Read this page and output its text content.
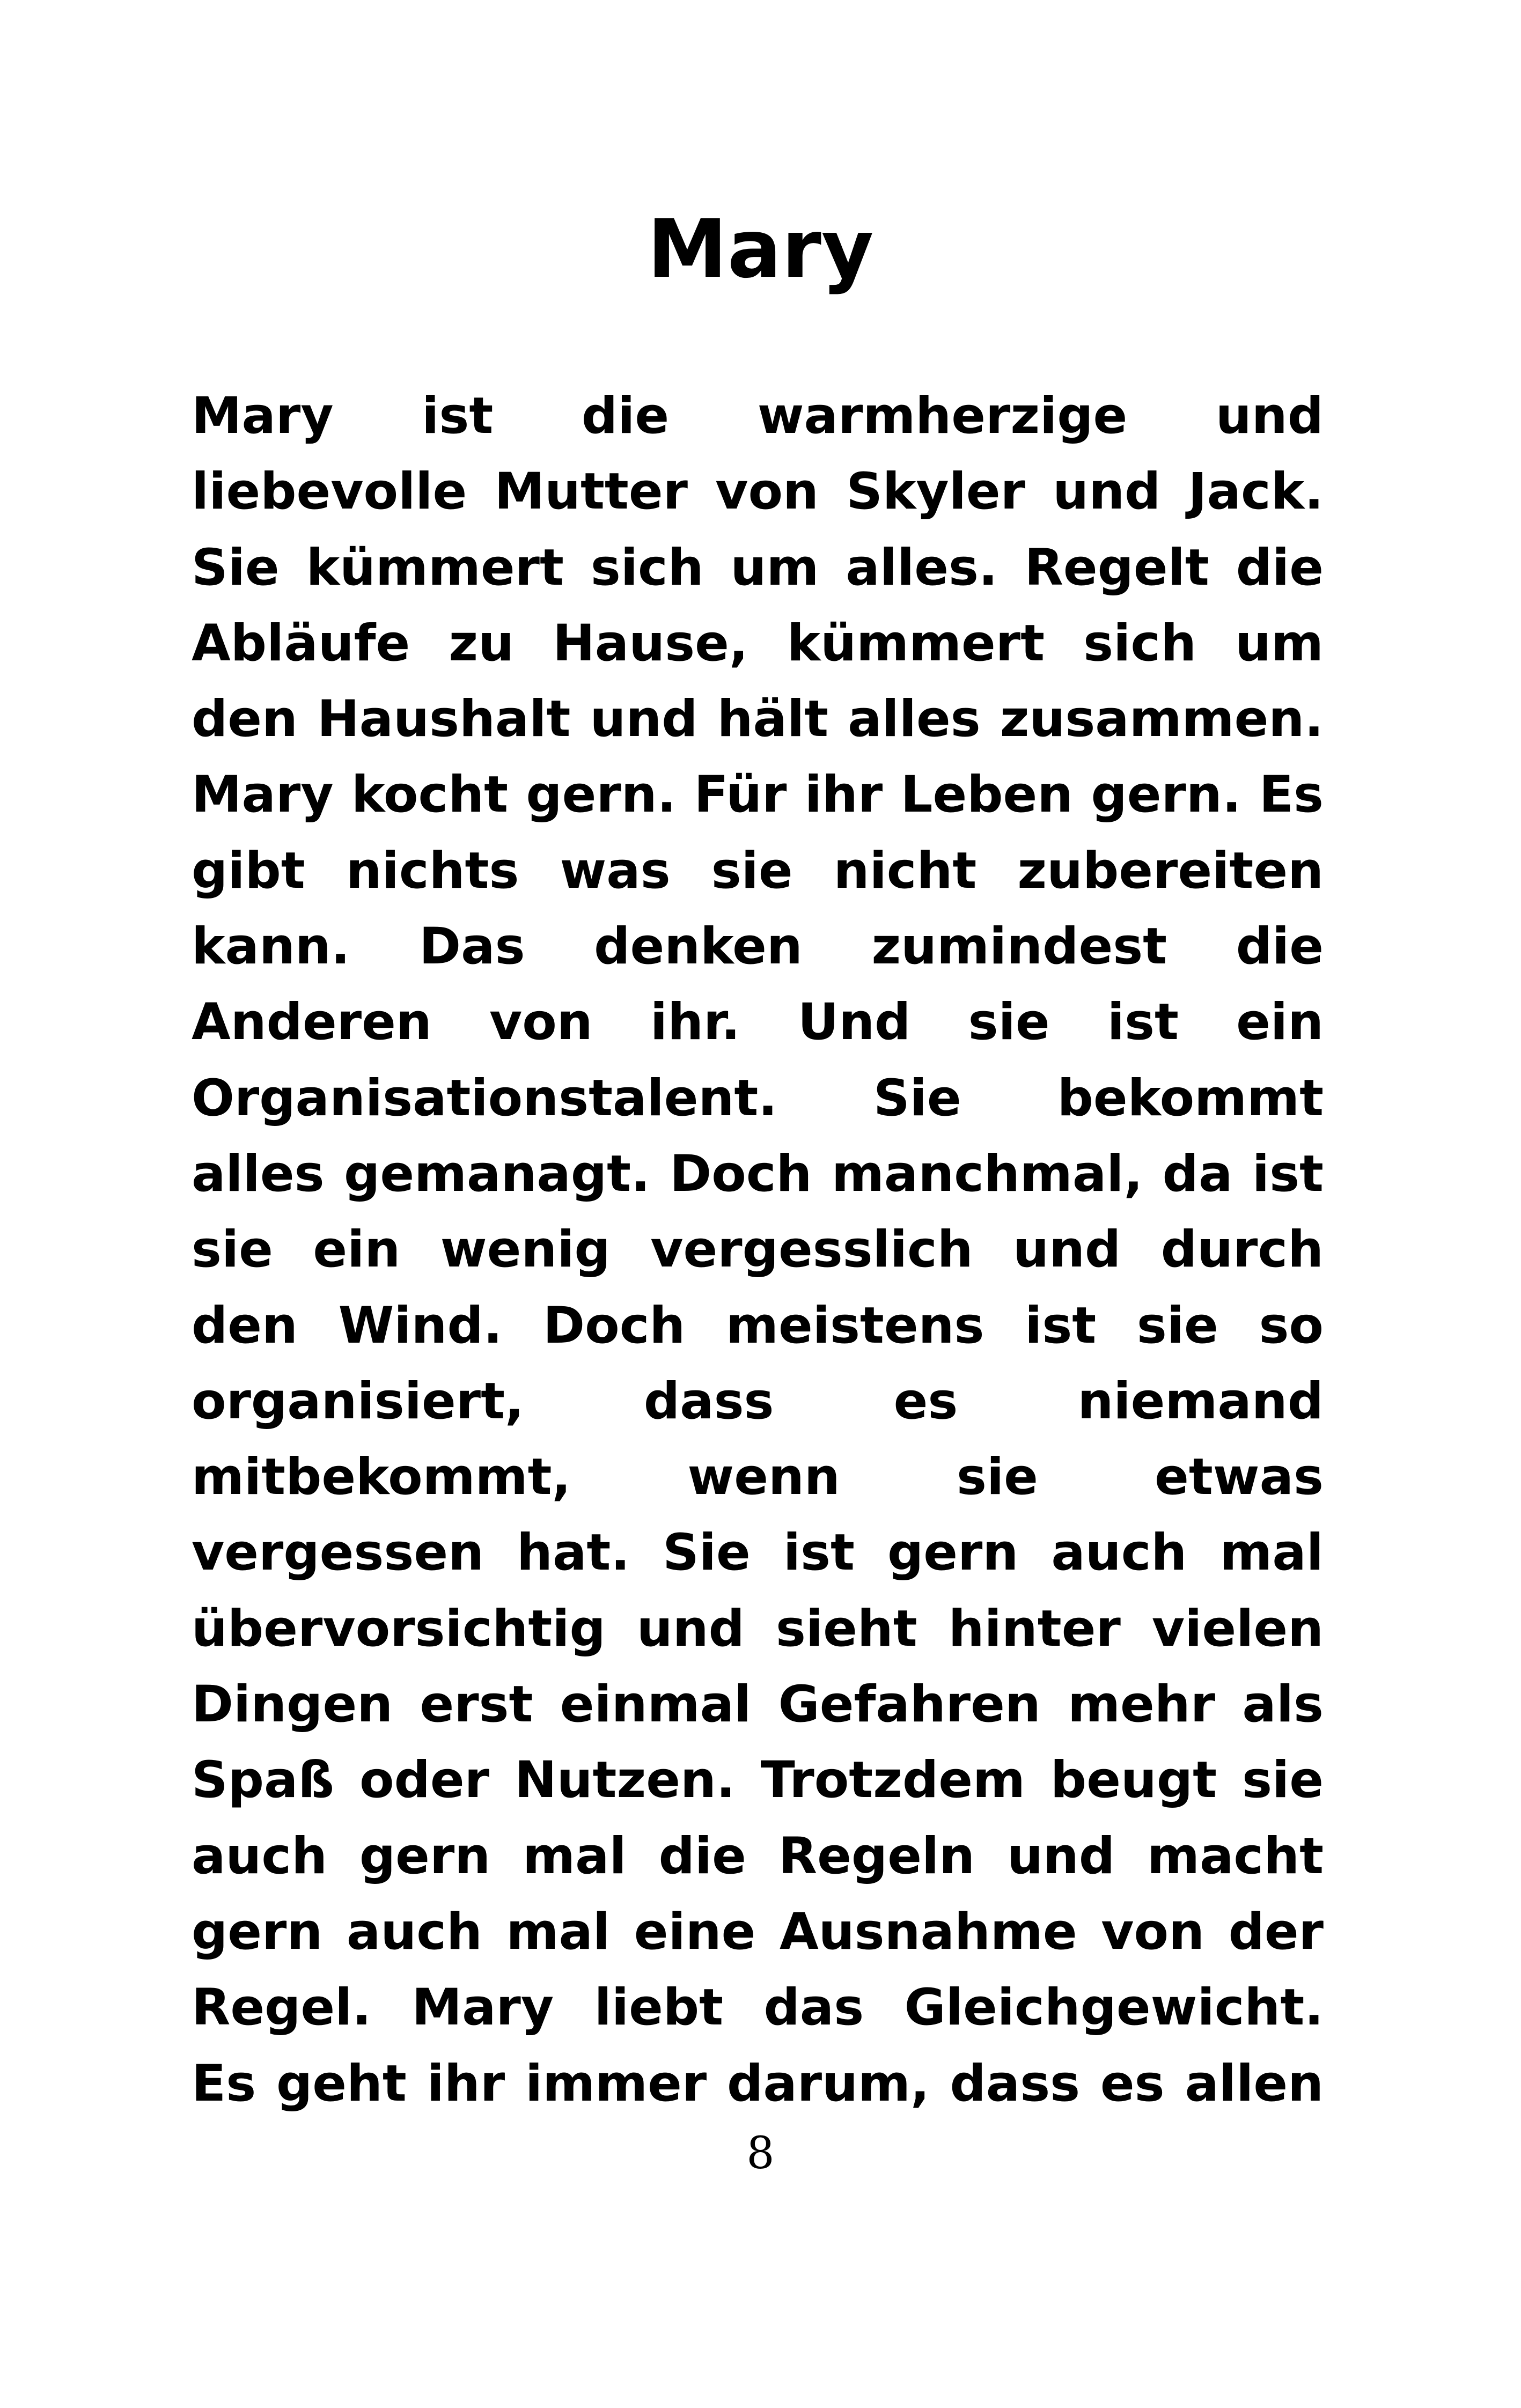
Mary
Mary ist die warmherzige und
liebevolle Mutter von Skyler und Jack.
Sie kümmert sich um alles. Regelt die
Abläufe zu Hause, kümmert sich um
den Haushalt und hält alles zusammen.
Mary kocht gern. Für ihr Leben gern. Es
gibt nichts was sie nicht zubereiten
kann. Das denken zumindest die
Anderen von ihr. Und sie ist ein
Organisationstalent. Sie bekommt
alles gemanagt. Doch manchmal, da ist
sie ein wenig vergesslich und durch
den Wind. Doch meistens ist sie so
organisiert, dass es niemand
mitbekommt, wenn sie etwas
vergessen hat. Sie ist gern auch mal
übervorsichtig und sieht hinter vielen
Dingen erst einmal Gefahren mehr als
Spaß oder Nutzen. Trotzdem beugt sie
auch gern mal die Regeln und macht
gern auch mal eine Ausnahme von der
Regel. Mary liebt das Gleichgewicht.
Es geht ihr immer darum, dass es allen
8
